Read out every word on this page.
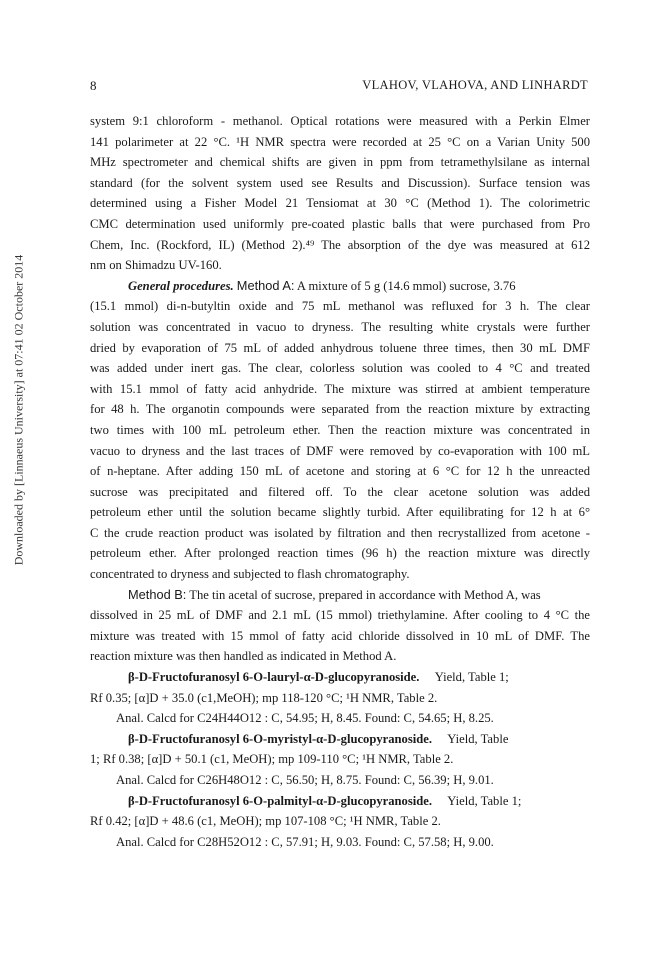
8	VLAHOV, VLAHOVA, AND LINHARDT
Downloaded by [Linnaeus University] at 07:41 02 October 2014
system 9:1 chloroform - methanol. Optical rotations were measured with a Perkin Elmer
141 polarimeter at 22 °C. ¹H NMR spectra were recorded at 25 °C on a Varian Unity 500
MHz spectrometer and chemical shifts are given in ppm from tetramethylsilane as internal
standard (for the solvent system used see Results and Discussion). Surface tension was
determined using a Fisher Model 21 Tensiomat at 30 °C (Method 1). The colorimetric
CMC determination used uniformly pre-coated plastic balls that were purchased from Pro
Chem, Inc. (Rockford, IL) (Method 2).⁴⁹ The absorption of the dye was measured at 612
nm on Shimadzu UV-160.
General procedures. Method A: A mixture of 5 g (14.6 mmol) sucrose, 3.76
(15.1 mmol) di-n-butyltin oxide and 75 mL methanol was refluxed for 3 h. The clear
solution was concentrated in vacuo to dryness. The resulting white crystals were further
dried by evaporation of 75 mL of added anhydrous toluene three times, then 30 mL DMF
was added under inert gas. The clear, colorless solution was cooled to 4 °C and treated
with 15.1 mmol of fatty acid anhydride. The mixture was stirred at ambient temperature
for 48 h. The organotin compounds were separated from the reaction mixture by extracting
two times with 100 mL petroleum ether. Then the reaction mixture was concentrated in
vacuo to dryness and the last traces of DMF were removed by co-evaporation with 100 mL
of n-heptane. After adding 150 mL of acetone and storing at 6 °C for 12 h the unreacted
sucrose was precipitated and filtered off. To the clear acetone solution was added
petroleum ether until the solution became slightly turbid. After equilibrating for 12 h at 6°
C the crude reaction product was isolated by filtration and then recrystallized from acetone -
petroleum ether. After prolonged reaction times (96 h) the reaction mixture was directly
concentrated to dryness and subjected to flash chromatography.
Method B: The tin acetal of sucrose, prepared in accordance with Method A, was
dissolved in 25 mL of DMF and 2.1 mL (15 mmol) triethylamine. After cooling to 4 °C the
mixture was treated with 15 mmol of fatty acid chloride dissolved in 10 mL of DMF. The
reaction mixture was then handled as indicated in Method A.
β-D-Fructofuranosyl 6-O-lauryl-α-D-glucopyranoside. Yield, Table 1;
Rf 0.35; [α]D + 35.0 (c1,MeOH); mp 118-120 °C; ¹H NMR, Table 2.
Anal. Calcd for C24H44O12 : C, 54.95; H, 8.45. Found: C, 54.65; H, 8.25.
β-D-Fructofuranosyl 6-O-myristyl-α-D-glucopyranoside. Yield, Table
1; Rf 0.38; [α]D + 50.1 (c1, MeOH); mp 109-110 °C; ¹H NMR, Table 2.
Anal. Calcd for C26H48O12 : C, 56.50; H, 8.75. Found: C, 56.39; H, 9.01.
β-D-Fructofuranosyl 6-O-palmityl-α-D-glucopyranoside. Yield, Table 1;
Rf 0.42; [α]D + 48.6 (c1, MeOH); mp 107-108 °C; ¹H NMR, Table 2.
Anal. Calcd for C28H52O12 : C, 57.91; H, 9.03. Found: C, 57.58; H, 9.00.
